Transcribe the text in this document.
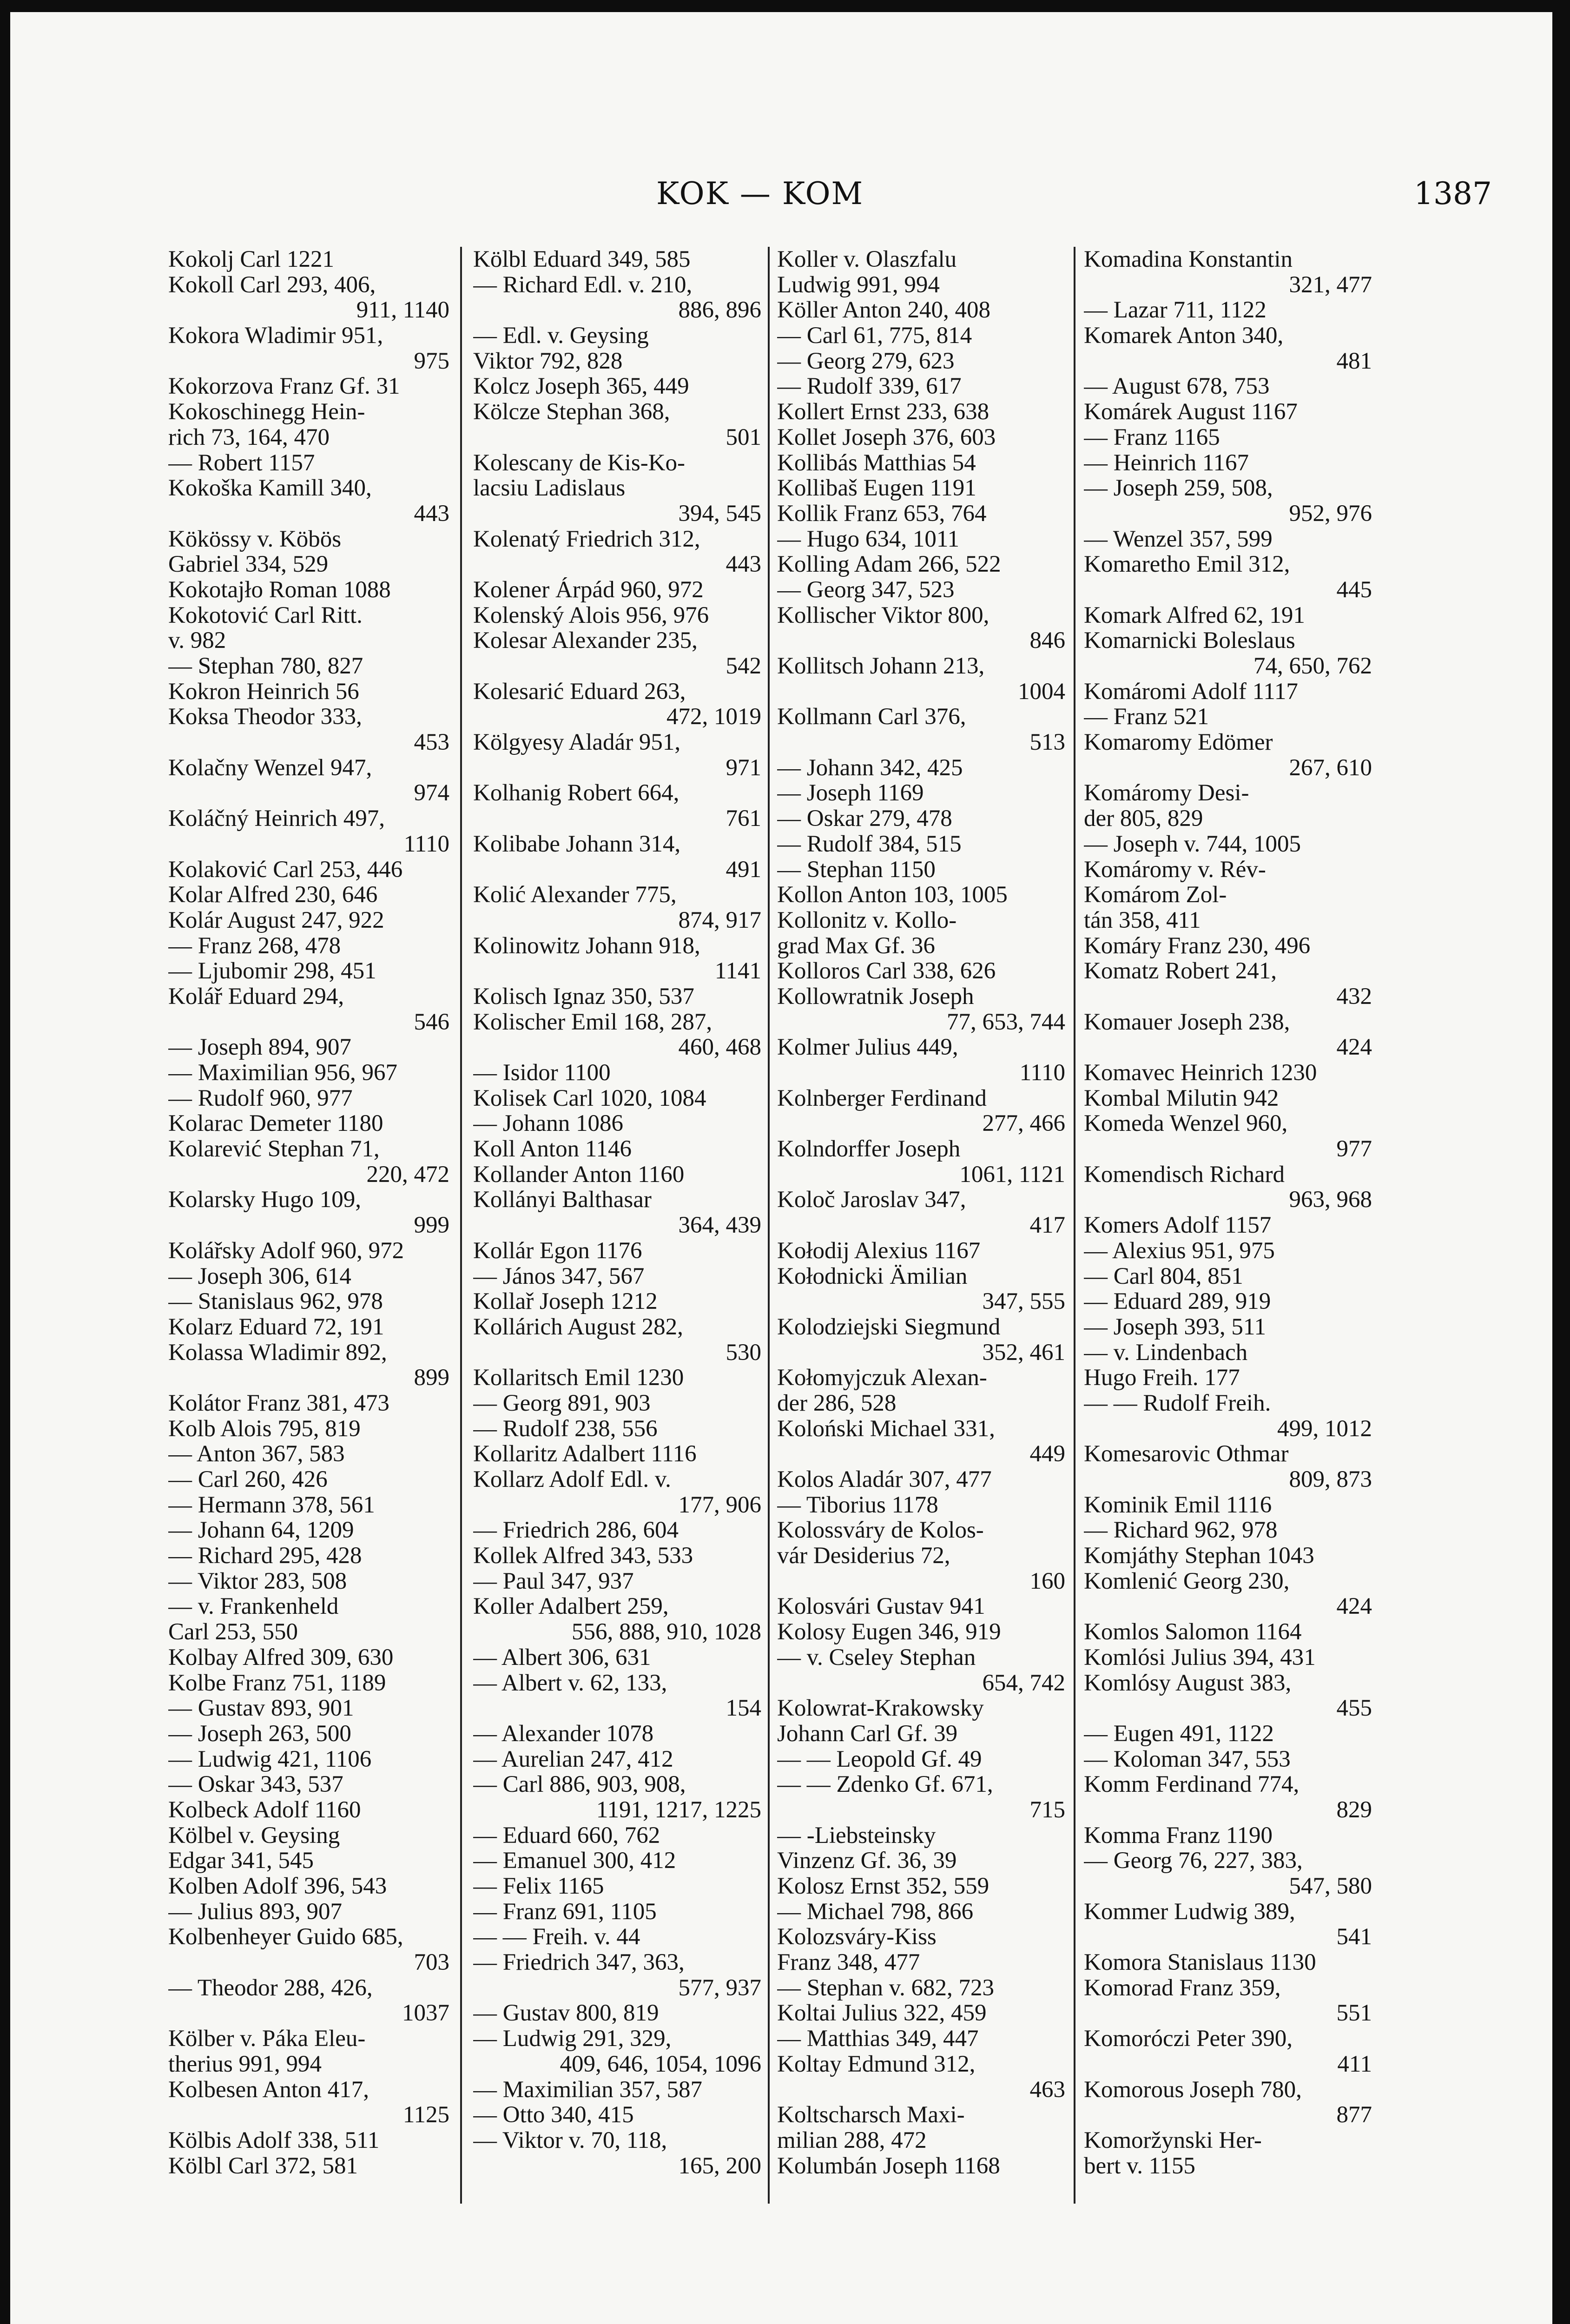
KOK — KOM	1387
Kokolj Carl 1221
Kokoll Carl 293, 406,
911, 1140
Kokora Wladimir 951,
975
Kokorzova Franz Gf. 31
Kokoschinegg Hein-
rich 73, 164, 470
— Robert 1157
Kokoška Kamill 340,
443
Kökössy v. Köbös
Gabriel 334, 529
Kokotajło Roman 1088
Kokotović Carl Ritt.
v. 982
— Stephan 780, 827
Kokron Heinrich 56
Koksa Theodor 333,
453
Kolačny Wenzel 947,
974
Koláčný Heinrich 497,
1110
Kolaković Carl 253, 446
Kolar Alfred 230, 646
Kolár August 247, 922
— Franz 268, 478
— Ljubomir 298, 451
Kolář Eduard 294,
546
— Joseph 894, 907
— Maximilian 956, 967
— Rudolf 960, 977
Kolarac Demeter 1180
Kolarević Stephan 71,
220, 472
Kolarsky Hugo 109,
999
Kolářsky Adolf 960, 972
— Joseph 306, 614
— Stanislaus 962, 978
Kolarz Eduard 72, 191
Kolassa Wladimir 892,
899
Kolátor Franz 381, 473
Kolb Alois 795, 819
— Anton 367, 583
— Carl 260, 426
— Hermann 378, 561
— Johann 64, 1209
— Richard 295, 428
— Viktor 283, 508
— v. Frankenheld
Carl 253, 550
Kolbay Alfred 309, 630
Kolbe Franz 751, 1189
— Gustav 893, 901
— Joseph 263, 500
— Ludwig 421, 1106
— Oskar 343, 537
Kolbeck Adolf 1160
Kölbel v. Geysing
Edgar 341, 545
Kolben Adolf 396, 543
— Julius 893, 907
Kolbenheyer Guido 685,
703
— Theodor 288, 426,
1037
Kölber v. Páka Eleu-
therius 991, 994
Kolbesen Anton 417,
1125
Kölbis Adolf 338, 511
Kölbl Carl 372, 581
Kölbl Eduard 349, 585
— Richard Edl. v. 210,
886, 896
— Edl. v. Geysing
Viktor 792, 828
Kolcz Joseph 365, 449
Kölcze Stephan 368,
501
Kolescany de Kis-Ko-
lacsiu Ladislaus
394, 545
Kolenatý Friedrich 312,
443
Kolener Árpád 960, 972
Kolenský Alois 956, 976
Kolesar Alexander 235,
542
Kolesarić Eduard 263,
472, 1019
Kölgyesy Aladár 951,
971
Kolhanig Robert 664,
761
Kolibabe Johann 314,
491
Kolić Alexander 775,
874, 917
Kolinowitz Johann 918,
1141
Kolisch Ignaz 350, 537
Kolischer Emil 168, 287,
460, 468
— Isidor 1100
Kolisek Carl 1020, 1084
— Johann 1086
Koll Anton 1146
Kollander Anton 1160
Kollányi Balthasar
364, 439
Kollár Egon 1176
— János 347, 567
Kollař Joseph 1212
Kollárich August 282,
530
Kollaritsch Emil 1230
— Georg 891, 903
— Rudolf 238, 556
Kollaritz Adalbert 1116
Kollarz Adolf Edl. v.
177, 906
— Friedrich 286, 604
Kollek Alfred 343, 533
— Paul 347, 937
Koller Adalbert 259,
556, 888, 910, 1028
— Albert 306, 631
— Albert v. 62, 133,
154
— Alexander 1078
— Aurelian 247, 412
— Carl 886, 903, 908,
1191, 1217, 1225
— Eduard 660, 762
— Emanuel 300, 412
— Felix 1165
— Franz 691, 1105
— — Freih. v. 44
— Friedrich 347, 363,
577, 937
— Gustav 800, 819
— Ludwig 291, 329,
409, 646, 1054, 1096
— Maximilian 357, 587
— Otto 340, 415
— Viktor v. 70, 118,
165, 200
Koller v. Olaszfalu
Ludwig 991, 994
Köller Anton 240, 408
— Carl 61, 775, 814
— Georg 279, 623
— Rudolf 339, 617
Kollert Ernst 233, 638
Kollet Joseph 376, 603
Kollibás Matthias 54
Kollibaš Eugen 1191
Kollik Franz 653, 764
— Hugo 634, 1011
Kolling Adam 266, 522
— Georg 347, 523
Kollischer Viktor 800,
846
Kollitsch Johann 213,
1004
Kollmann Carl 376,
513
— Johann 342, 425
— Joseph 1169
— Oskar 279, 478
— Rudolf 384, 515
— Stephan 1150
Kollon Anton 103, 1005
Kollonitz v. Kollo-
grad Max Gf. 36
Kolloros Carl 338, 626
Kollowratnik Joseph
77, 653, 744
Kolmer Julius 449,
1110
Kolnberger Ferdinand
277, 466
Kolndorffer Joseph
1061, 1121
Koloč Jaroslav 347,
417
Kołodij Alexius 1167
Kołodnicki Ämilian
347, 555
Kolodziejski Siegmund
352, 461
Kołomyjczuk Alexan-
der 286, 528
Koloński Michael 331,
449
Kolos Aladár 307, 477
— Tiborius 1178
Kolossváry de Kolos-
vár Desiderius 72,
160
Kolosvári Gustav 941
Kolosy Eugen 346, 919
— v. Cseley Stephan
654, 742
Kolowrat-Krakowsky
Johann Carl Gf. 39
— — Leopold Gf. 49
— — Zdenko Gf. 671,
715
— -Liebsteinsky
Vinzenz Gf. 36, 39
Kolosz Ernst 352, 559
— Michael 798, 866
Kolozsváry-Kiss
Franz 348, 477
— Stephan v. 682, 723
Koltai Julius 322, 459
— Matthias 349, 447
Koltay Edmund 312,
463
Koltscharsch Maxi-
milian 288, 472
Kolumbán Joseph 1168
Komadina Konstantin
321, 477
— Lazar 711, 1122
Komarek Anton 340,
481
— August 678, 753
Komárek August 1167
— Franz 1165
— Heinrich 1167
— Joseph 259, 508,
952, 976
— Wenzel 357, 599
Komaretho Emil 312,
445
Komark Alfred 62, 191
Komarnicki Boleslaus
74, 650, 762
Komáromi Adolf 1117
— Franz 521
Komaromy Edömer
267, 610
Komáromy Desi-
der 805, 829
— Joseph v. 744, 1005
Komáromy v. Rév-
Komárom Zol-
tán 358, 411
Komáry Franz 230, 496
Komatz Robert 241,
432
Komauer Joseph 238,
424
Komavec Heinrich 1230
Kombal Milutin 942
Komeda Wenzel 960,
977
Komendisch Richard
963, 968
Komers Adolf 1157
— Alexius 951, 975
— Carl 804, 851
— Eduard 289, 919
— Joseph 393, 511
— v. Lindenbach
Hugo Freih. 177
— — Rudolf Freih.
499, 1012
Komesarovic Othmar
809, 873
Kominik Emil 1116
— Richard 962, 978
Komjáthy Stephan 1043
Komlenić Georg 230,
424
Komlos Salomon 1164
Komlósi Julius 394, 431
Komlósy August 383,
455
— Eugen 491, 1122
— Koloman 347, 553
Komm Ferdinand 774,
829
Komma Franz 1190
— Georg 76, 227, 383,
547, 580
Kommer Ludwig 389,
541
Komora Stanislaus 1130
Komorad Franz 359,
551
Komoróczi Peter 390,
411
Komorous Joseph 780,
877
Komoržynski Her-
bert v. 1155
